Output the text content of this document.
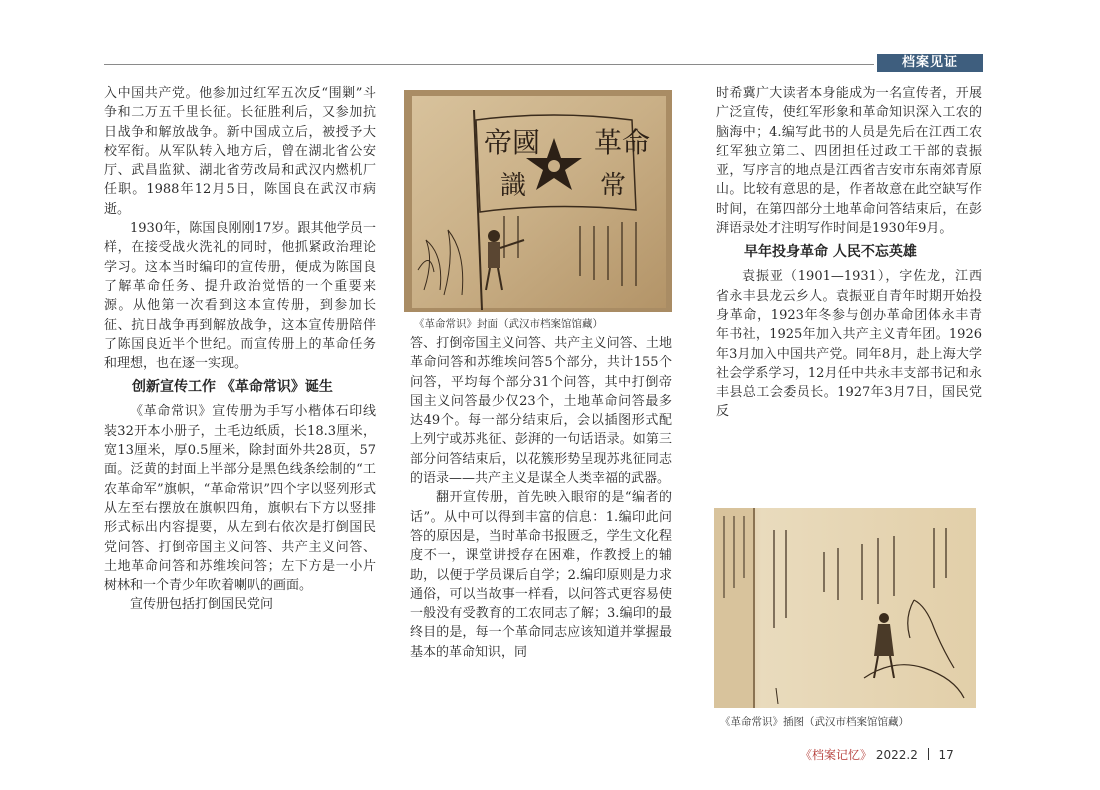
档案见证

入中国共产党。他参加过红军五次反“围剿”斗争和二万五千里长征。长征胜利后，又参加抗日战争和解放战争。新中国成立后，被授予大校军衔。从军队转入地方后，曾在湖北省公安厅、武昌监狱、湖北省劳改局和武汉内燃机厂任职。1988年12月5日，陈国良在武汉市病逝。

1930年，陈国良刚刚17岁。跟其他学员一样，在接受战火洗礼的同时，他抓紧政治理论学习。这本当时编印的宣传册，便成为陈国良了解革命任务、提升政治觉悟的一个重要来源。从他第一次看到这本宣传册，到参加长征、抗日战争再到解放战争，这本宣传册陪伴了陈国良近半个世纪。而宣传册上的革命任务和理想，也在逐一实现。

创新宣传工作 《革命常识》诞生

《革命常识》宣传册为手写小楷体石印线装32开本小册子，土毛边纸质，长18.3厘米，宽13厘米，厚0.5厘米，除封面外共28页，57面。泛黄的封面上半部分是黑色线条绘制的“工农革命军”旗帜，“革命常识”四个字以竖列形式从左至右摆放在旗帜四角，旗帜右下方以竖排形式标出内容提要，从左到右依次是打倒国民党问答、打倒帝国主义问答、共产主义问答、土地革命问答和苏维埃问答；左下方是一小片树林和一个青少年吹着喇叭的画面。

宣传册包括打倒国民党问

帝國 革命
識	常
《革命常识》封面（武汉市档案馆馆藏）

答、打倒帝国主义问答、共产主义问答、土地革命问答和苏维埃问答5个部分，共计155个问答，平均每个部分31个问答，其中打倒帝国主义问答最少仅23个，土地革命问答最多达49个。每一部分结束后，会以插图形式配上列宁或苏兆征、彭湃的一句话语录。如第三部分问答结束后，以花簇形势呈现苏兆征同志的语录——共产主义是谋全人类幸福的武器。

翻开宣传册，首先映入眼帘的是“编者的话”。从中可以得到丰富的信息：1.编印此问答的原因是，当时革命书报匮乏，学生文化程度不一，课堂讲授存在困难，作教授上的辅助，以便于学员课后自学；2.编印原则是力求通俗，可以当故事一样看，以问答式更容易使一般没有受教育的工农同志了解；3.编印的最终目的是，每一个革命同志应该知道并掌握最基本的革命知识，同

时希冀广大读者本身能成为一名宣传者，开展广泛宣传，使红军形象和革命知识深入工农的脑海中；4.编写此书的人员是先后在江西工农红军独立第二、四团担任过政工干部的袁振亚，写序言的地点是江西省吉安市东南郊青原山。比较有意思的是，作者故意在此空缺写作时间，在第四部分土地革命问答结束后，在彭湃语录处才注明写作时间是1930年9月。

早年投身革命 人民不忘英雄

袁振亚（1901—1931），字佐龙，江西省永丰县龙云乡人。袁振亚自青年时期开始投身革命，1923年冬参与创办革命团体永丰青年书社，1925年加入共产主义青年团。1926年3月加入中国共产党。同年8月，赴上海大学社会学系学习，12月任中共永丰支部书记和永丰县总工会委员长。1927年3月7日，国民党反

《革命常识》插图（武汉市档案馆馆藏）
《档案记忆》 2022.2 17
